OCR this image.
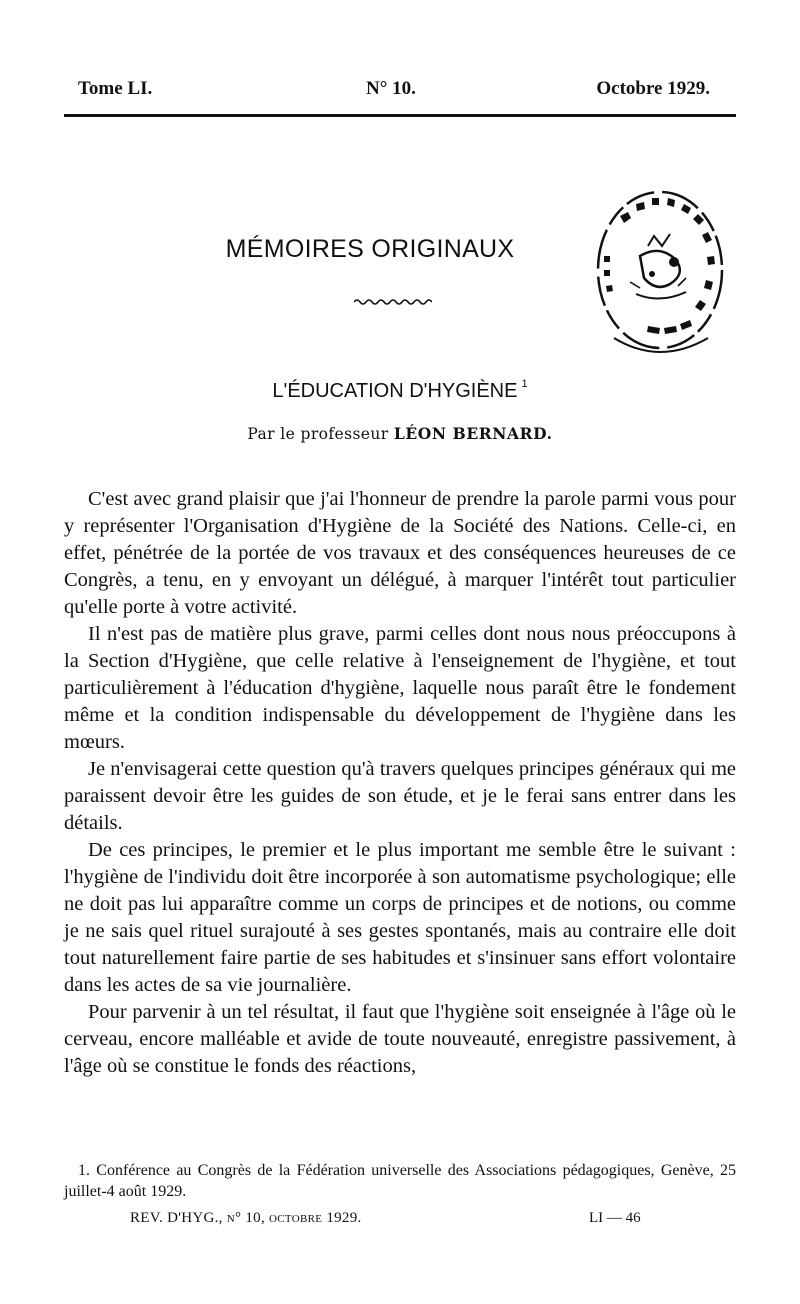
Tome LI.	N° 10.	Octobre 1929.
MÉMOIRES ORIGINAUX
L'ÉDUCATION D'HYGIÈNE $^1$
Par le professeur LÉON BERNARD.

C'est avec grand plaisir que j'ai l'honneur de prendre la parole parmi vous pour y représenter l'Organisation d'Hygiène de la Société des Nations. Celle-ci, en effet, pénétrée de la portée de vos travaux et des conséquences heureuses de ce Congrès, a tenu, en y envoyant un délégué, à marquer l'intérêt tout particulier qu'elle porte à votre activité.

Il n'est pas de matière plus grave, parmi celles dont nous nous préoccupons à la Section d'Hygiène, que celle relative à l'enseignement de l'hygiène, et tout particulièrement à l'éducation d'hygiène, laquelle nous paraît être le fondement même et la condition indispensable du développement de l'hygiène dans les mœurs.

Je n'envisagerai cette question qu'à travers quelques principes généraux qui me paraissent devoir être les guides de son étude, et je le ferai sans entrer dans les détails.

De ces principes, le premier et le plus important me semble être le suivant : l'hygiène de l'individu doit être incorporée à son automatisme psychologique; elle ne doit pas lui apparaître comme un corps de principes et de notions, ou comme je ne sais quel rituel surajouté à ses gestes spontanés, mais au contraire elle doit tout naturellement faire partie de ses habitudes et s'insinuer sans effort volontaire dans les actes de sa vie journalière.

Pour parvenir à un tel résultat, il faut que l'hygiène soit enseignée à l'âge où le cerveau, encore malléable et avide de toute nouveauté, enregistre passivement, à l'âge où se constitue le fonds des réactions,

1. Conférence au Congrès de la Fédération universelle des Associations pédagogiques, Genève, 25 juillet-4 août 1929.

REV. D'HYG., n° 10, octobre 1929.	LI — 46
